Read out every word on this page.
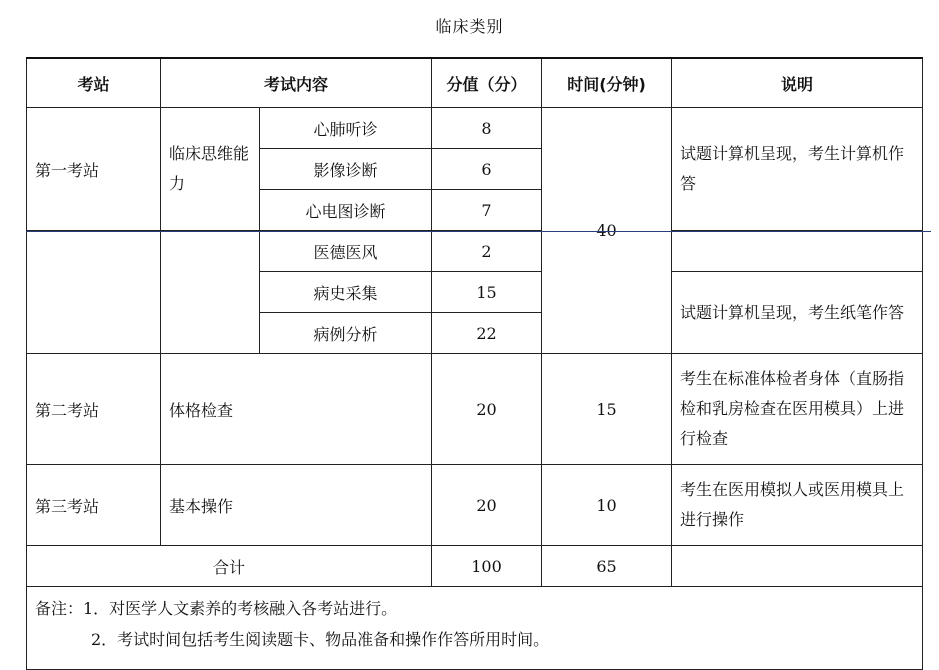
临床类别
考站	考试内容		分值（分）	时间(分钟)	说明
第一考站	临床思维能力	心肺听诊	8	40	试题计算机呈现，考生计算机作答
		影像诊断	6		
		心电图诊断	7		
		医德医风	2		
		病史采集	15		试题计算机呈现，考生纸笔作答
		病例分析	22		
第二考站	体格检查		20	15	考生在标准体检者身体（直肠指检和乳房检查在医用模具）上进行检查
第三考站	基本操作		20	10	考生在医用模拟人或医用模具上进行操作
合计			100	65	

备注：1．对医学人文素养的考核融入各考站进行。
2．考试时间包括考生阅读题卡、物品准备和操作作答所用时间。					
